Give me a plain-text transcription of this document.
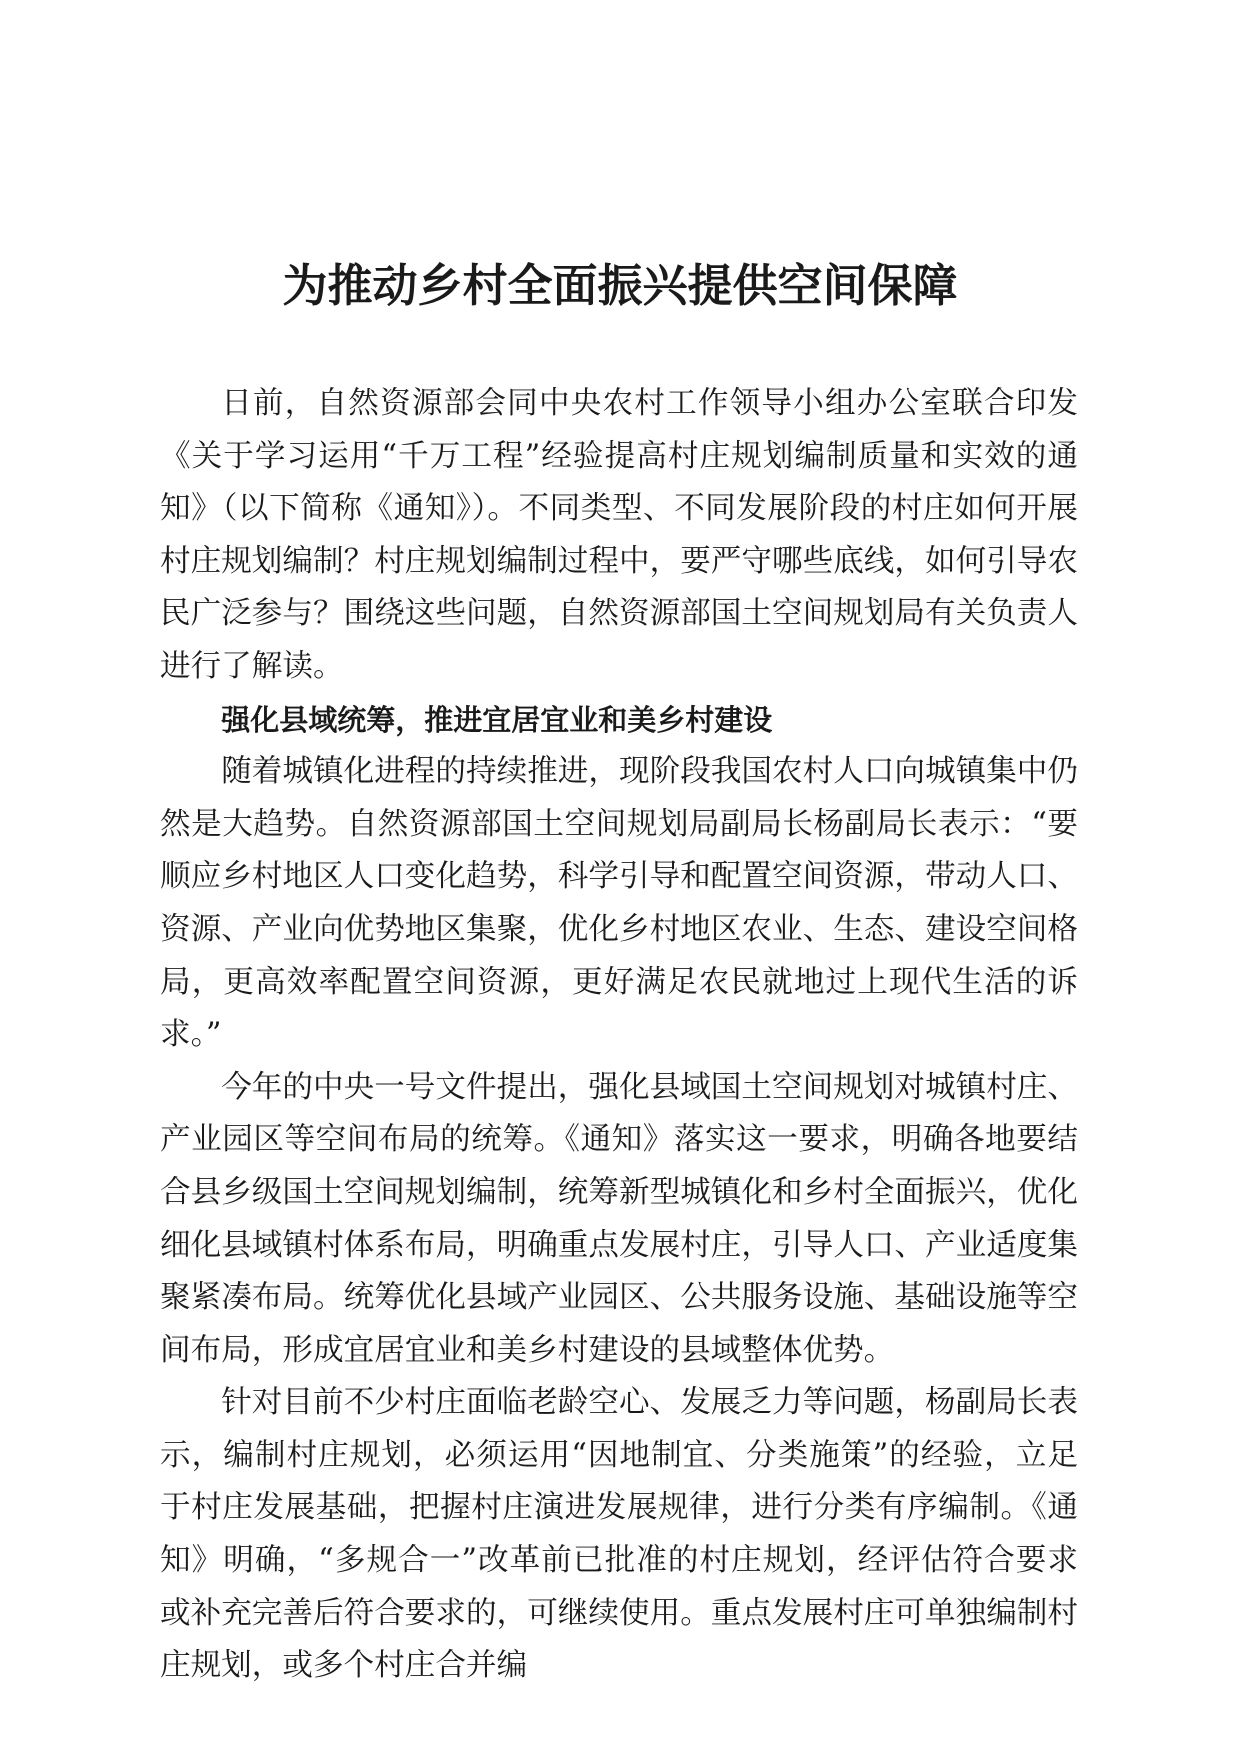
为推动乡村全面振兴提供空间保障

日前，自然资源部会同中央农村工作领导小组办公室联合印发《关于学习运用“千万工程”经验提高村庄规划编制质量和实效的通知》（以下简称《通知》）。不同类型、不同发展阶段的村庄如何开展村庄规划编制？村庄规划编制过程中，要严守哪些底线，如何引导农民广泛参与？围绕这些问题，自然资源部国土空间规划局有关负责人进行了解读。

强化县域统筹，推进宜居宜业和美乡村建设

随着城镇化进程的持续推进，现阶段我国农村人口向城镇集中仍然是大趋势。自然资源部国土空间规划局副局长杨副局长表示：“要顺应乡村地区人口变化趋势，科学引导和配置空间资源，带动人口、资源、产业向优势地区集聚，优化乡村地区农业、生态、建设空间格局，更高效率配置空间资源，更好满足农民就地过上现代生活的诉求。”

今年的中央一号文件提出，强化县域国土空间规划对城镇村庄、产业园区等空间布局的统筹。《通知》落实这一要求，明确各地要结合县乡级国土空间规划编制，统筹新型城镇化和乡村全面振兴，优化细化县域镇村体系布局，明确重点发展村庄，引导人口、产业适度集聚紧凑布局。统筹优化县域产业园区、公共服务设施、基础设施等空间布局，形成宜居宜业和美乡村建设的县域整体优势。

针对目前不少村庄面临老龄空心、发展乏力等问题，杨副局长表示，编制村庄规划，必须运用“因地制宜、分类施策”的经验，立足于村庄发展基础，把握村庄演进发展规律，进行分类有序编制。《通知》明确，“多规合一”改革前已批准的村庄规划，经评估符合要求或补充完善后符合要求的，可继续使用。重点发展村庄可单独编制村庄规划，或多个村庄合并编
